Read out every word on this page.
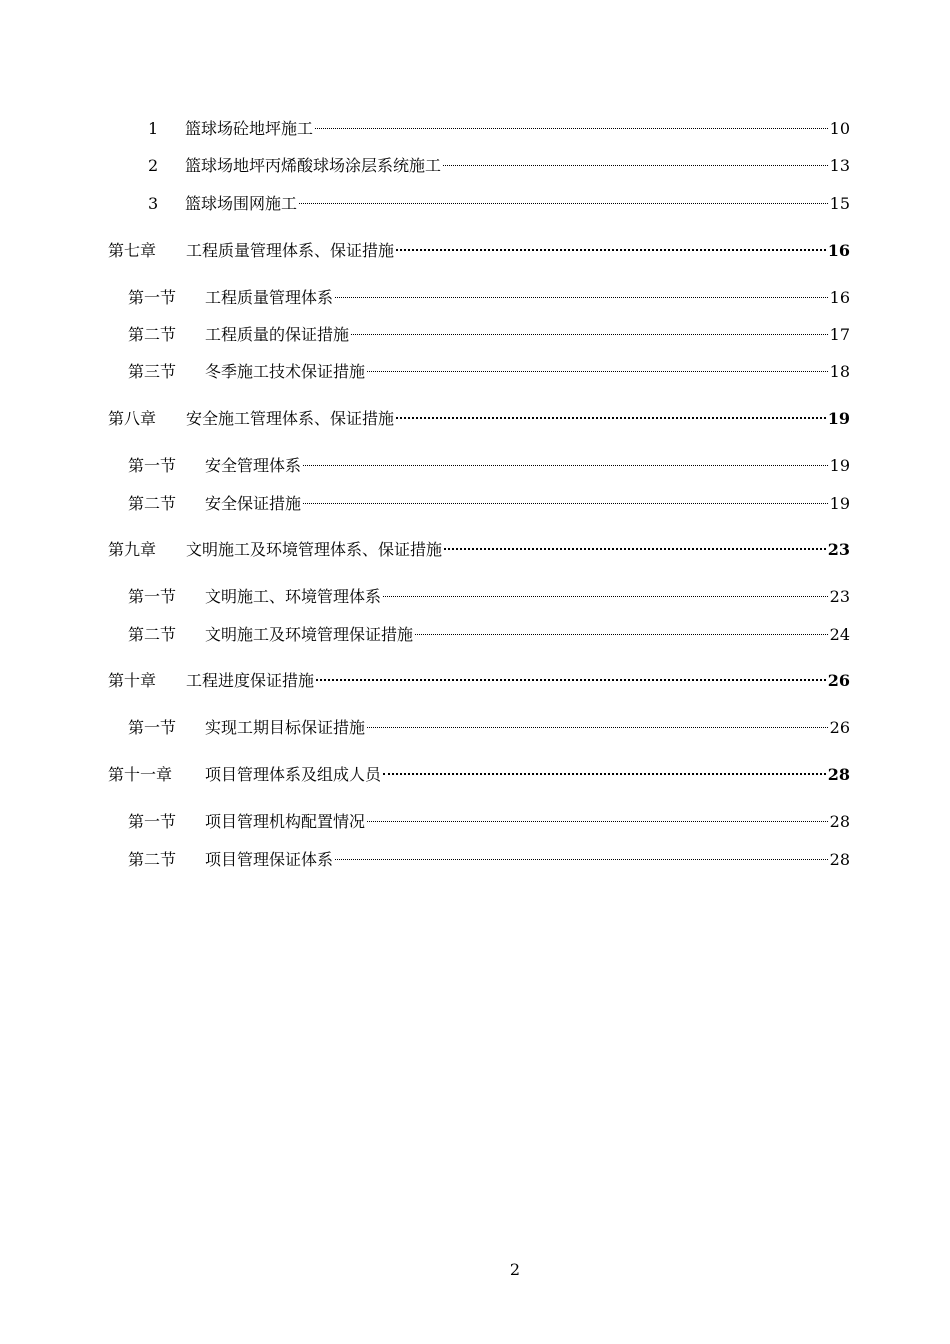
1	篮球场砼地坪施工	10
2	篮球场地坪丙烯酸球场涂层系统施工	13
3	篮球场围网施工	15
第七章	工程质量管理体系、保证措施	16
第一节	工程质量管理体系	16
第二节	工程质量的保证措施	17
第三节	冬季施工技术保证措施	18
第八章	安全施工管理体系、保证措施	19
第一节	安全管理体系	19
第二节	安全保证措施	19
第九章	文明施工及环境管理体系、保证措施	23
第一节	文明施工、环境管理体系	23
第二节	文明施工及环境管理保证措施	24
第十章	工程进度保证措施	26
第一节	实现工期目标保证措施	26
第十一章	项目管理体系及组成人员	28
第一节	项目管理机构配置情况	28
第二节	项目管理保证体系	28
2
